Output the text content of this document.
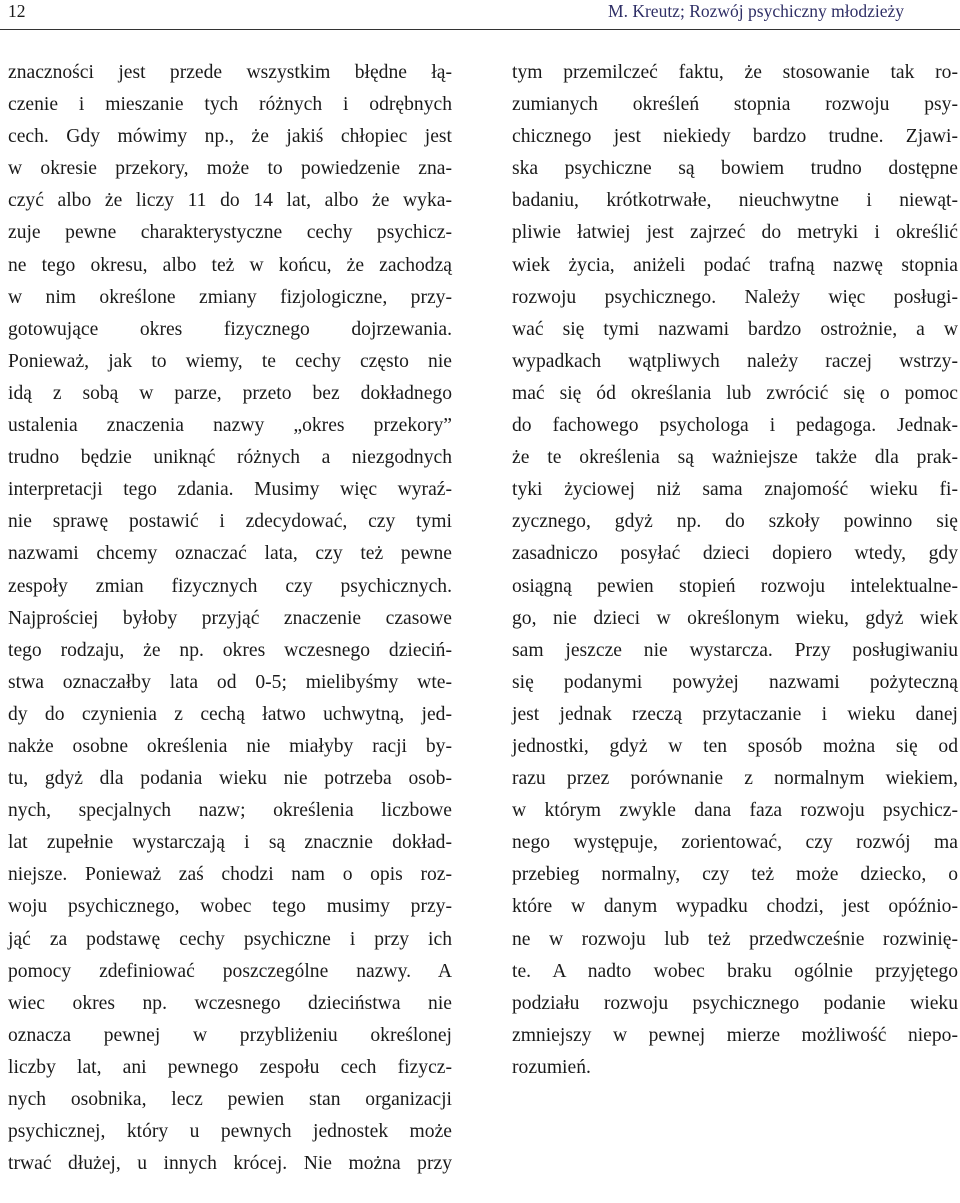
12	M. Kreutz; Rozwój psychiczny młodzieży
znaczności jest przede wszystkim błędne łą-
czenie i mieszanie tych różnych i odrębnych
cech. Gdy mówimy np., że jakiś chłopiec jest
w okresie przekory, może to powiedzenie zna-
czyć albo że liczy 11 do 14 lat, albo że wyka-
zuje pewne charakterystyczne cechy psychicz-
ne tego okresu, albo też w końcu, że zachodzą
w nim określone zmiany fizjologiczne, przy-
gotowujące okres fizycznego dojrzewania.
Ponieważ, jak to wiemy, te cechy często nie
idą z sobą w parze, przeto bez dokładnego
ustalenia znaczenia nazwy „okres przekory”
trudno będzie uniknąć różnych a niezgodnych
interpretacji tego zdania. Musimy więc wyraź-
nie sprawę postawić i zdecydować, czy tymi
nazwami chcemy oznaczać lata, czy też pewne
zespoły zmian fizycznych czy psychicznych.
Najprościej byłoby przyjąć znaczenie czasowe
tego rodzaju, że np. okres wczesnego dzieciń-
stwa oznaczałby lata od 0-5; mielibyśmy wte-
dy do czynienia z cechą łatwo uchwytną, jed-
nakże osobne określenia nie miałyby racji by-
tu, gdyż dla podania wieku nie potrzeba osob-
nych, specjalnych nazw; określenia liczbowe
lat zupełnie wystarczają i są znacznie dokład-
niejsze. Ponieważ zaś chodzi nam o opis roz-
woju psychicznego, wobec tego musimy przy-
jąć za podstawę cechy psychiczne i przy ich
pomocy zdefiniować poszczególne nazwy. A
wiec okres np. wczesnego dzieciństwa nie
oznacza pewnej w przybliżeniu określonej
liczby lat, ani pewnego zespołu cech fizycz-
nych osobnika, lecz pewien stan organizacji
psychicznej, który u pewnych jednostek może
trwać dłużej, u innych krócej. Nie można przy
tym przemilczeć faktu, że stosowanie tak ro-
zumianych określeń stopnia rozwoju psy-
chicznego jest niekiedy bardzo trudne. Zjawi-
ska psychiczne są bowiem trudno dostępne
badaniu, krótkotrwałe, nieuchwytne i niewąt-
pliwie łatwiej jest zajrzeć do metryki i określić
wiek życia, aniżeli podać trafną nazwę stopnia
rozwoju psychicznego. Należy więc posługi-
wać się tymi nazwami bardzo ostrożnie, a w
wypadkach wątpliwych należy raczej wstrzy-
mać się ód określania lub zwrócić się o pomoc
do fachowego psychologa i pedagoga. Jednak-
że te określenia są ważniejsze także dla prak-
tyki życiowej niż sama znajomość wieku fi-
zycznego, gdyż np. do szkoły powinno się
zasadniczo posyłać dzieci dopiero wtedy, gdy
osiągną pewien stopień rozwoju intelektualne-
go, nie dzieci w określonym wieku, gdyż wiek
sam jeszcze nie wystarcza. Przy posługiwaniu
się podanymi powyżej nazwami pożyteczną
jest jednak rzeczą przytaczanie i wieku danej
jednostki, gdyż w ten sposób można się od
razu przez porównanie z normalnym wiekiem,
w którym zwykle dana faza rozwoju psychicz-
nego występuje, zorientować, czy rozwój ma
przebieg normalny, czy też może dziecko, o
które w danym wypadku chodzi, jest opóźnio-
ne w rozwoju lub też przedwcześnie rozwinię-
te. A nadto wobec braku ogólnie przyjętego
podziału rozwoju psychicznego podanie wieku
zmniejszy w pewnej mierze możliwość niepo-
rozumień.
